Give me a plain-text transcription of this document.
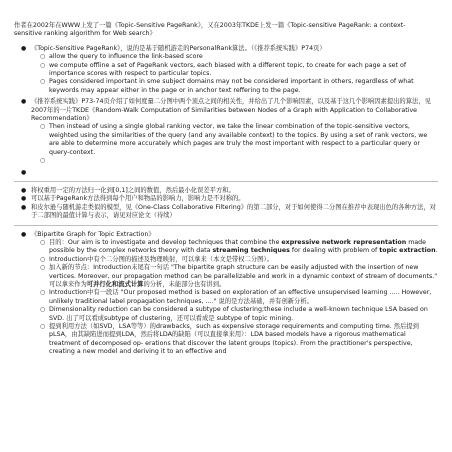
作者在2002年在WWW上发了一篇《Topic-Sensitive PageRank》，又在2003年TKDE上发一篇《Topic-sensitive PageRank: a context-sensitive ranking algorithm for Web search》
● 《Topic-Sensitive PageRank》，说的是基于随机游走的PersonalRank算法。（《推荐系统实践》P74页）
○ allow the query to influence the link-based score
○ we compute offline a set of PageRank vectors, each biased with a different topic, to create for each page a set of importance scores with respect to particular topics.
○ Pages considered important in sme subject domains may not be considered important in others, regardless of what keywords may appear either in the page or in anchor text reffering to the page.
● 《推荐系统实践》P73-74页介绍了如何度量二分图中两个顶点之间的相关性，并给出了几个影响因素，以及基于这几个影响因素提出的算法，见2007年的一片TKDE《Random-Walk Computation of Similarities between Nodes of a Graph with Application to Collaborative Recommendation》
○ Then instead of using a single global ranking vector, we take the linear combination of the topic-sensitive vectors, weighted using the similarities of the query (and any available context) to the topics. By using a set of rank vectors, we are able to determine more accurately which pages are truly the most important with respect to a particular query or query-context.
○

●

● 将权重用一定的方法归一化到[0,1]之间的数值，然后最小化误差平方和。
● 可以基于PageRank方法得到每个用户和物品的影响力，影响力是不对称的。
● 和皮尔逊与随机游走类似的模型，见《One-Class Collaborative Filtering》的第二部分，对于如何使得二分图在推荐中表现出色的各种方法，对于二部图的最值计算与表示，请见对应论文（待续）
● 《Bipartite Graph for Topic Extraction》
○ 目的：Our aim is to investigate and develop techniques that combine the expressive network representation made possible by the complex networks theory with data streaming techniques for dealing with problem of topic extraction.
○ Introduction中有个二分图的描述及物理映射，可以拿来（本文是带权二分图）。
○ 加入新的节点：Introduction末尾有一句话 "The bipartite graph structure can be easily adjusted with the insertion of new vertices. Moreover, our propagation method can be parallelizable and work in a dynamic context of stream of documents." 可以拿来作为可并行化和流式计算的分析，未能部分也有讲到。
○ Introduction中有一段话 "Our proposed method is based on exploration of an effective unsupervised learning ..... However, unlikely traditional label propagation techniques, ...." 说的是方法基础，并有创新分析。
○ Dimensionality reduction can be considered a subtype of clustering;these include a well-known technique LSA based on SVD. 出了可以看成subtype of clustering，还可以看成是 subtype of topic mining.
○ 提到利用方法（如SVD，LSA等等）的drawbacks，such as expensive storage requirements and computing time. 然后提到pLSA，由其缺陷进而提到LDA，然后将LDA的缺陷（可以直接拿来用）：LDA based models have a rigorous mathematical treatment of decomposed op- erations that discover the latent groups (topics). From the practitioner's perspective, creating a new model and deriving it to an effective and
